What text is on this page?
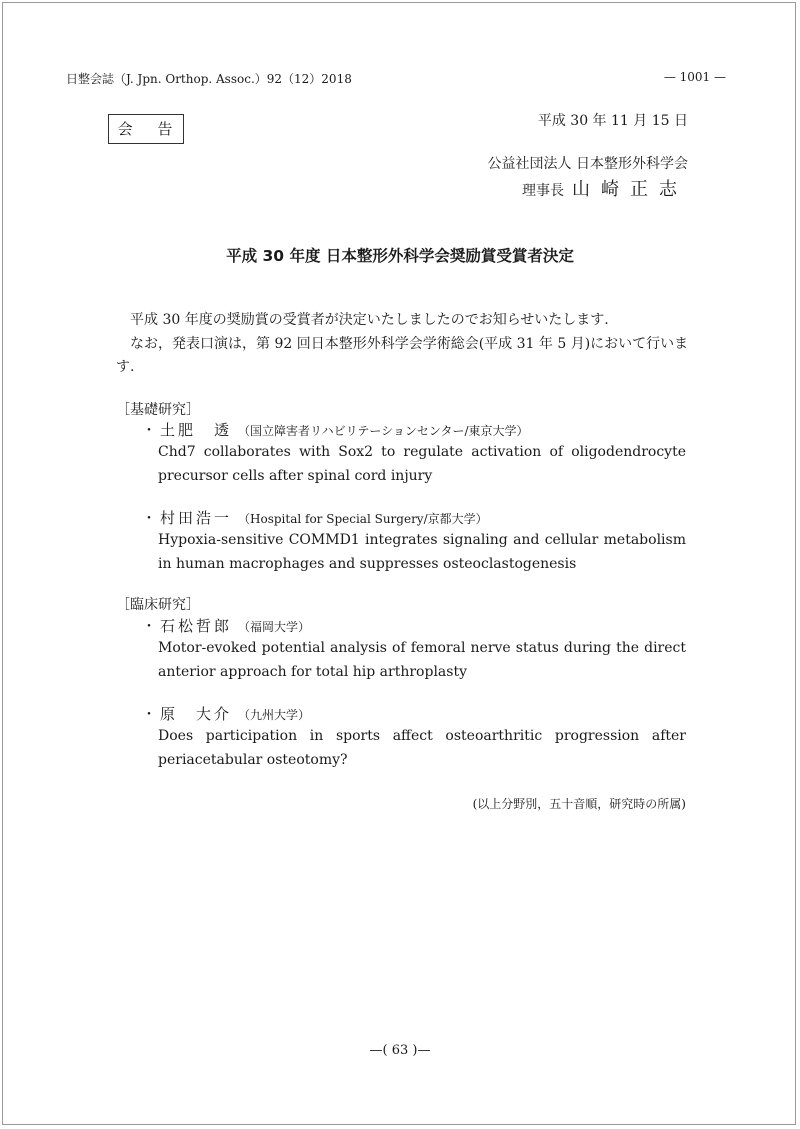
日整会誌（J. Jpn. Orthop. Assoc.）92（12）2018	— 1001 —
会 告	平成 30 年 11 月 15 日
公益社団法人 日本整形外科学会
理事長 山崎正志
平成 30 年度 日本整形外科学会奨励賞受賞者決定
平成 30 年度の奨励賞の受賞者が決定いたしましたのでお知らせいたします.
なお，発表口演は，第 92 回日本整形外科学会学術総会(平成 31 年 5 月)において行いま
す.
［基礎研究］
・ 土肥　透 （国立障害者リハビリテーションセンター/東京大学）
Chd7 collaborates with Sox2 to regulate activation of oligodendrocyte precursor cells after spinal cord injury
・ 村田浩一 （Hospital for Special Surgery/京都大学）
Hypoxia-sensitive COMMD1 integrates signaling and cellular metabolism in human macrophages and suppresses osteoclastogenesis
［臨床研究］
・ 石松哲郎 （福岡大学）
Motor-evoked potential analysis of femoral nerve status during the direct anterior approach for total hip arthroplasty
・ 原　大介 （九州大学）
Does participation in sports affect osteoarthritic progression after periacetabular osteotomy?
(以上分野別，五十音順，研究時の所属)
—( 63 )—
